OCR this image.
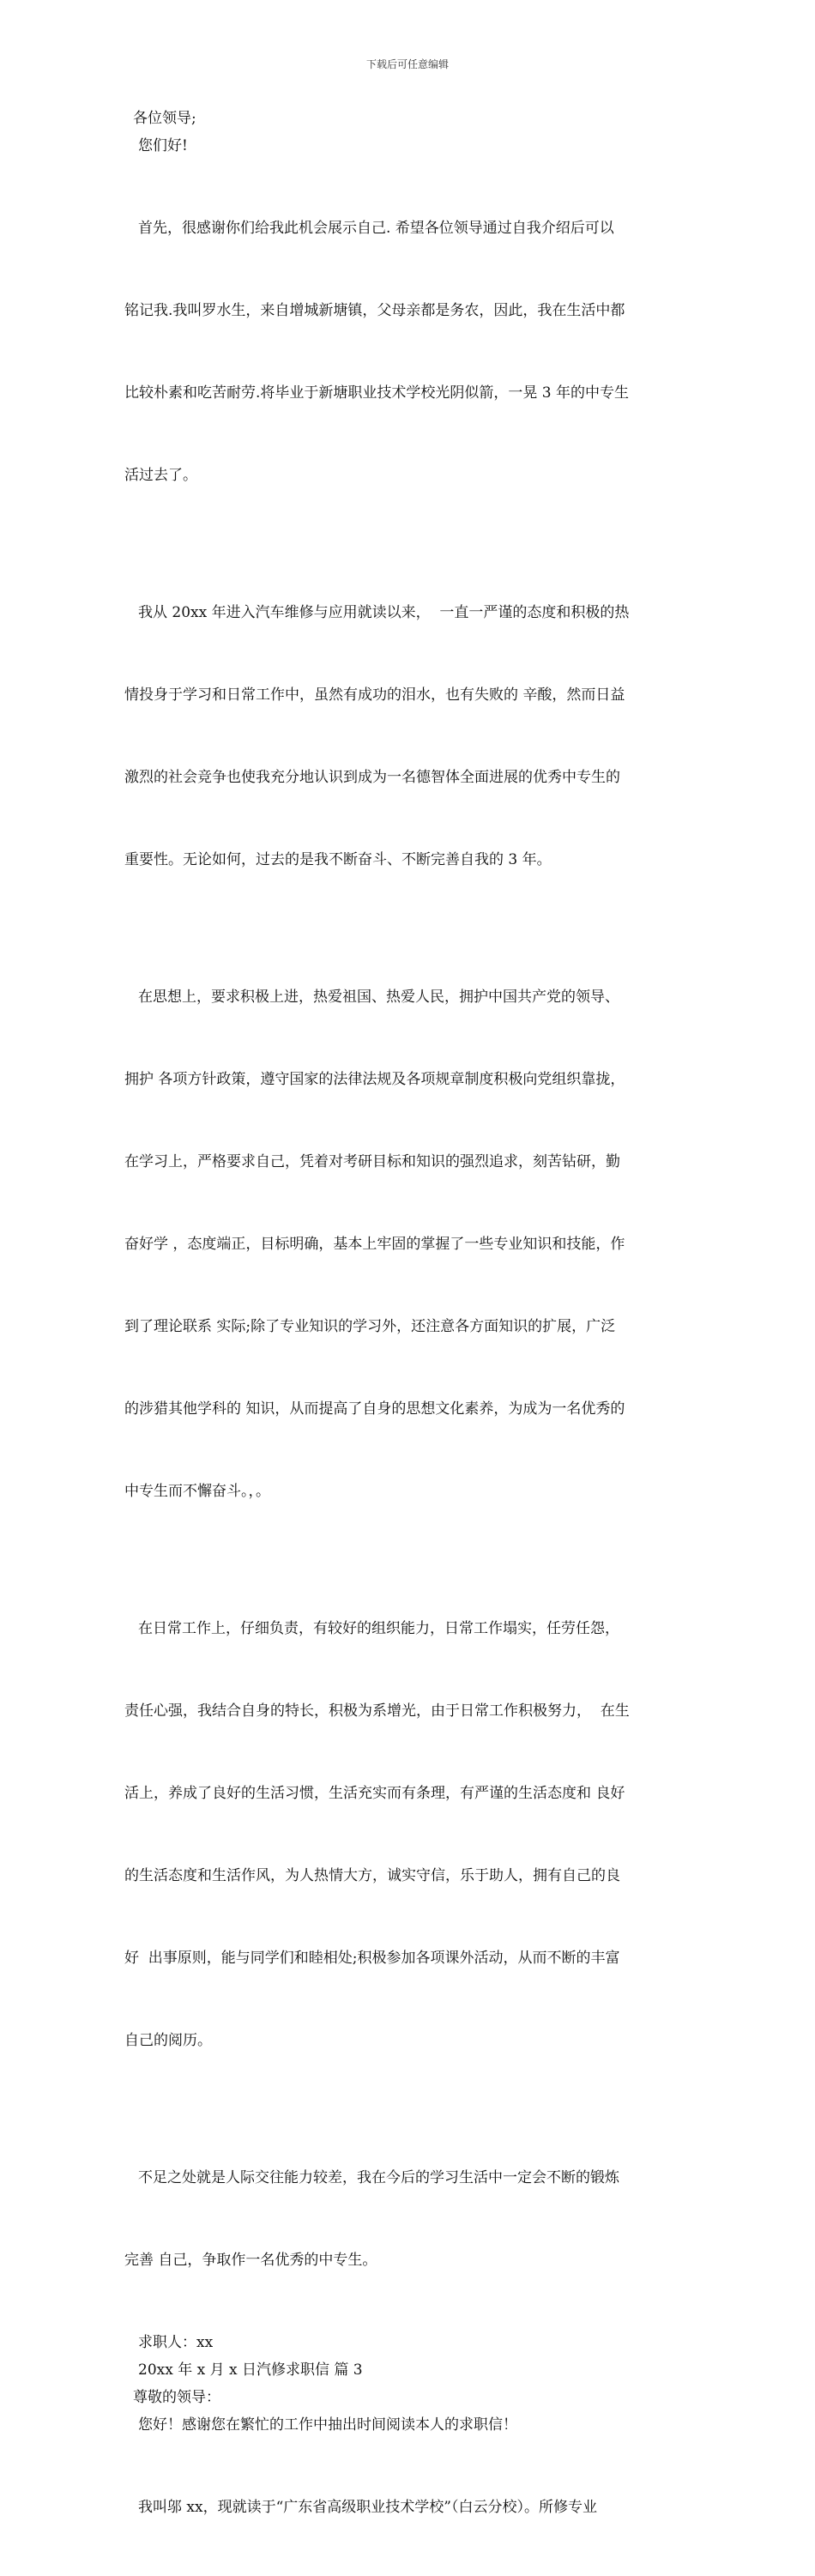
下载后可任意编辑

各位领导;

您们好!

首先，很感谢你们给我此机会展示自己. 希望各位领导通过自我介绍后可以

铭记我.我叫罗水生，来自增城新塘镇，父母亲都是务农，因此，我在生活中都

比较朴素和吃苦耐劳.将毕业于新塘职业技术学校光阴似箭，一晃 3 年的中专生

活过去了。

我从 20xx 年进入汽车维修与应用就读以来，  一直一严谨的态度和积极的热

情投身于学习和日常工作中，虽然有成功的泪水，也有失败的 辛酸，然而日益

激烈的社会竞争也使我充分地认识到成为一名德智体全面进展的优秀中专生的

重要性。无论如何，过去的是我不断奋斗、不断完善自我的 3 年。

在思想上，要求积极上进，热爱祖国、热爱人民，拥护中国共产党的领导、

拥护 各项方针政策，遵守国家的法律法规及各项规章制度积极向党组织靠拢，

在学习上，严格要求自己，凭着对考研目标和知识的强烈追求，刻苦钻研，勤

奋好学 ，态度端正，目标明确，基本上牢固的掌握了一些专业知识和技能，作

到了理论联系 实际;除了专业知识的学习外，还注意各方面知识的扩展，广泛

的涉猎其他学科的 知识，从而提高了自身的思想文化素养，为成为一名优秀的

中专生而不懈奋斗。，。

在日常工作上，仔细负责，有较好的组织能力，日常工作塌实，任劳任怨，

责任心强，我结合自身的特长，积极为系增光，由于日常工作积极努力，  在生

活上，养成了良好的生活习惯，生活充实而有条理，有严谨的生活态度和 良好

的生活态度和生活作风，为人热情大方，诚实守信，乐于助人，拥有自己的良

好  出事原则，能与同学们和睦相处;积极参加各项课外活动，从而不断的丰富

自己的阅历。

不足之处就是人际交往能力较差，我在今后的学习生活中一定会不断的锻炼

完善 自己，争取作一名优秀的中专生。

求职人：xx

20xx 年 x 月 x 日汽修求职信 篇 3

尊敬的领导：

您好！感谢您在繁忙的工作中抽出时间阅读本人的求职信！

我叫邬 xx，现就读于“广东省高级职业技术学校”（白云分校）。所修专业
